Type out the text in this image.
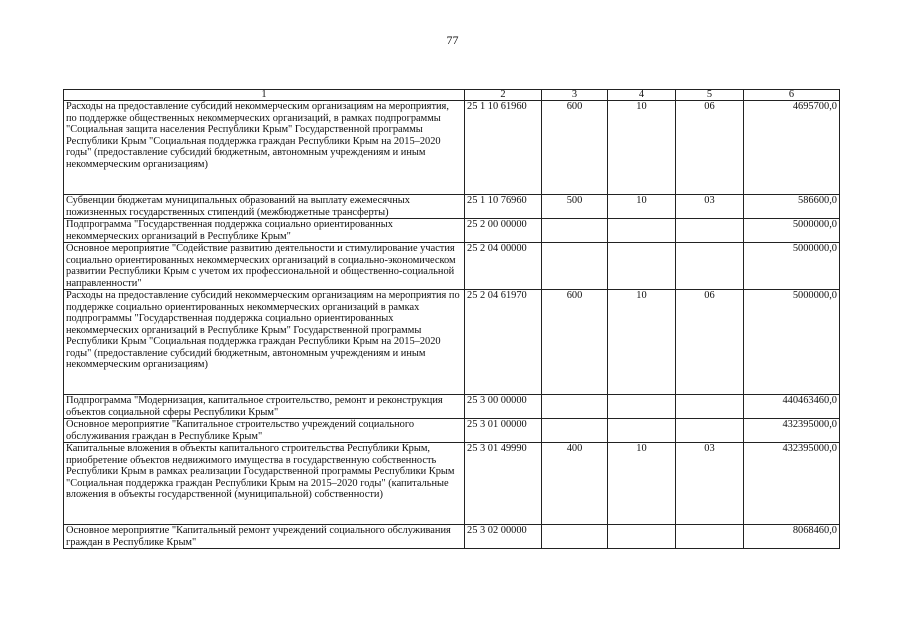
77
1	2	3	4	5	6
Расходы на предоставление субсидий некоммерческим организациям на мероприятия, по поддержке общественных некоммерческих организаций, в рамках подпрограммы "Социальная защита населения Республики Крым" Государственной программы Республики Крым "Социальная поддержка граждан Республики Крым на 2015–2020 годы" (предоставление субсидий бюджетным, автономным учреждениям и иным некоммерческим организациям)	25 1 10 61960	600	10	06	4695700,0
Субвенции бюджетам муниципальных образований на выплату ежемесячных пожизненных государственных стипендий (межбюджетные трансферты)	25 1 10 76960	500	10	03	586600,0
Подпрограмма "Государственная поддержка социально ориентированных некоммерческих организаций в Республике Крым"	25 2 00 00000				5000000,0
Основное мероприятие "Содействие развитию деятельности и стимулирование участия социально ориентированных некоммерческих организаций в социально-экономическом развитии Республики Крым с учетом их профессиональной и общественно-социальной направленности"	25 2 04 00000				5000000,0
Расходы на предоставление субсидий некоммерческим организациям на мероприятия по поддержке социально ориентированных некоммерческих организаций в рамках подпрограммы "Государственная поддержка социально ориентированных некоммерческих организаций в Республике Крым" Государственной программы Республики Крым "Социальная поддержка граждан Республики Крым на 2015–2020 годы" (предоставление субсидий бюджетным, автономным учреждениям и иным некоммерческим организациям)	25 2 04 61970	600	10	06	5000000,0
Подпрограмма "Модернизация, капитальное строительство, ремонт и реконструкция объектов социальной сферы Республики Крым"	25 3 00 00000				440463460,0
Основное мероприятие "Капитальное строительство учреждений социального обслуживания граждан в Республике Крым"	25 3 01 00000				432395000,0
Капитальные вложения в объекты капитального строительства Республики Крым, приобретение объектов недвижимого имущества в государственную собственность Республики Крым в рамках реализации Государственной программы Республики Крым "Социальная поддержка граждан Республики Крым на 2015–2020 годы" (капитальные вложения в объекты государственной (муниципальной) собственности)	25 3 01 49990	400	10	03	432395000,0
Основное мероприятие "Капитальный ремонт учреждений социального обслуживания граждан в Республике Крым"	25 3 02 00000				8068460,0
